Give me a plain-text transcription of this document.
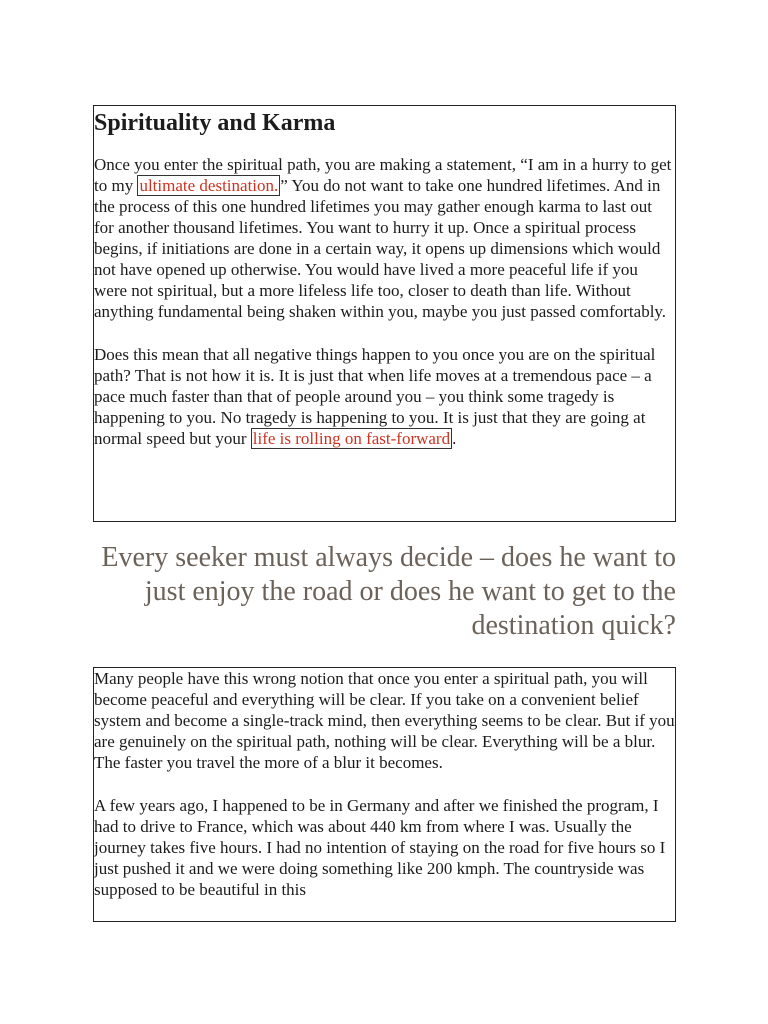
Spirituality and Karma

Once you enter the spiritual path, you are making a statement, “I am in a hurry to get to my ultimate destination. ” You do not want to take one hundred lifetimes. And in the process of this one hundred lifetimes you may gather enough karma to last out for another thousand lifetimes. You want to hurry it up. Once a spiritual process begins, if initiations are done in a certain way, it opens up dimensions which would not have opened up otherwise. You would have lived a more peaceful life if you were not spiritual, but a more lifeless life too, closer to death than life. Without anything fundamental being shaken within you, maybe you just passed comfortably.

Does this mean that all negative things happen to you once you are on the spiritual path? That is not how it is. It is just that when life moves at a tremendous pace – a pace much faster than that of people around you – you think some tragedy is happening to you. No tragedy is happening to you. It is just that they are going at normal speed but your life is rolling on fast-forward .

Every seeker must always decide – does he want to just enjoy the road or does he want to get to the destination quick?

Many people have this wrong notion that once you enter a spiritual path, you will become peaceful and everything will be clear. If you take on a convenient belief system and become a single-track mind, then everything seems to be clear. But if you are genuinely on the spiritual path, nothing will be clear. Everything will be a blur. The faster you travel the more of a blur it becomes.

A few years ago, I happened to be in Germany and after we finished the program, I had to drive to France, which was about 440 km from where I was. Usually the journey takes five hours. I had no intention of staying on the road for five hours so I just pushed it and we were doing something like 200 kmph. The countryside was supposed to be beautiful in this
